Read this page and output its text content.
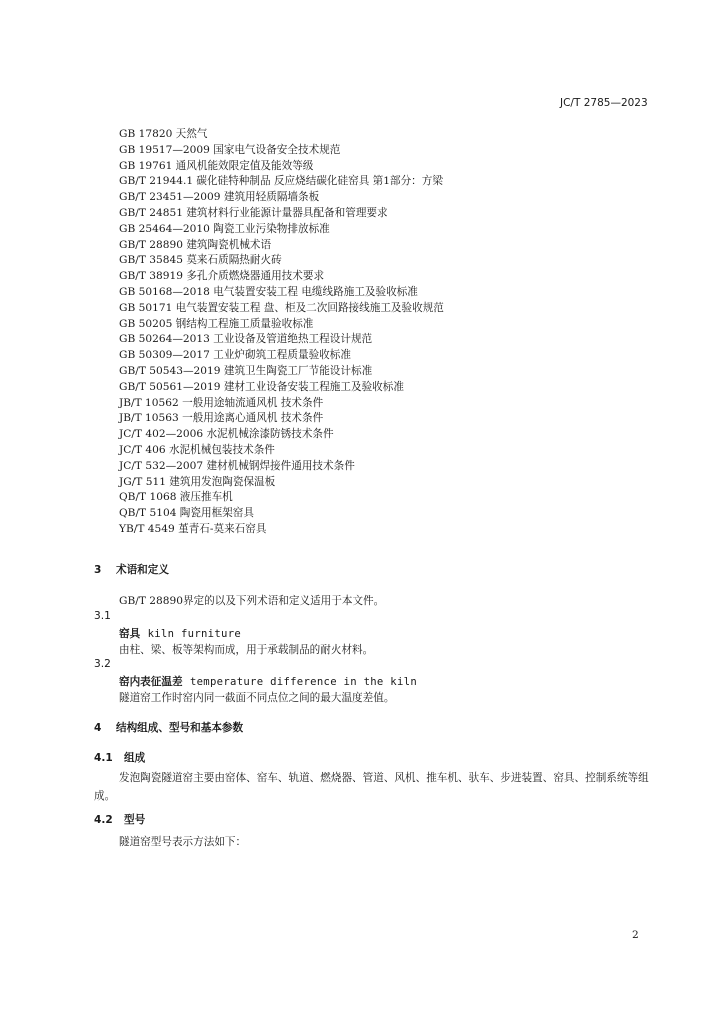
JC/T 2785—2023
GB 17820 天然气
GB 19517—2009 国家电气设备安全技术规范
GB 19761 通风机能效限定值及能效等级
GB/T 21944.1 碳化硅特种制品 反应烧结碳化硅窑具 第1部分：方梁
GB/T 23451—2009 建筑用轻质隔墙条板
GB/T 24851 建筑材料行业能源计量器具配备和管理要求
GB 25464—2010 陶瓷工业污染物排放标准
GB/T 28890 建筑陶瓷机械术语
GB/T 35845 莫来石质隔热耐火砖
GB/T 38919 多孔介质燃烧器通用技术要求
GB 50168—2018 电气装置安装工程 电缆线路施工及验收标准
GB 50171 电气装置安装工程 盘、柜及二次回路接线施工及验收规范
GB 50205 钢结构工程施工质量验收标准
GB 50264—2013 工业设备及管道绝热工程设计规范
GB 50309—2017 工业炉砌筑工程质量验收标准
GB/T 50543—2019 建筑卫生陶瓷工厂节能设计标准
GB/T 50561—2019 建材工业设备安装工程施工及验收标准
JB/T 10562 一般用途轴流通风机 技术条件
JB/T 10563 一般用途离心通风机 技术条件
JC/T 402—2006 水泥机械涂漆防锈技术条件
JC/T 406 水泥机械包装技术条件
JC/T 532—2007 建材机械钢焊接件通用技术条件
JG/T 511 建筑用发泡陶瓷保温板
QB/T 1068 液压推车机
QB/T 5104 陶瓷用框架窑具
YB/T 4549 堇青石-莫来石窑具
3 术语和定义
GB/T 28890界定的以及下列术语和定义适用于本文件。
3.1
窑具 kiln furniture
由柱、梁、板等架构而成，用于承载制品的耐火材料。
3.2
窑内表征温差 temperature difference in the kiln
隧道窑工作时窑内同一截面不同点位之间的最大温度差值。
4 结构组成、型号和基本参数
4.1 组成
发泡陶瓷隧道窑主要由窑体、窑车、轨道、燃烧器、管道、风机、推车机、驮车、步进装置、窑具、控制系统等组成。
4.2 型号
隧道窑型号表示方法如下：
2
